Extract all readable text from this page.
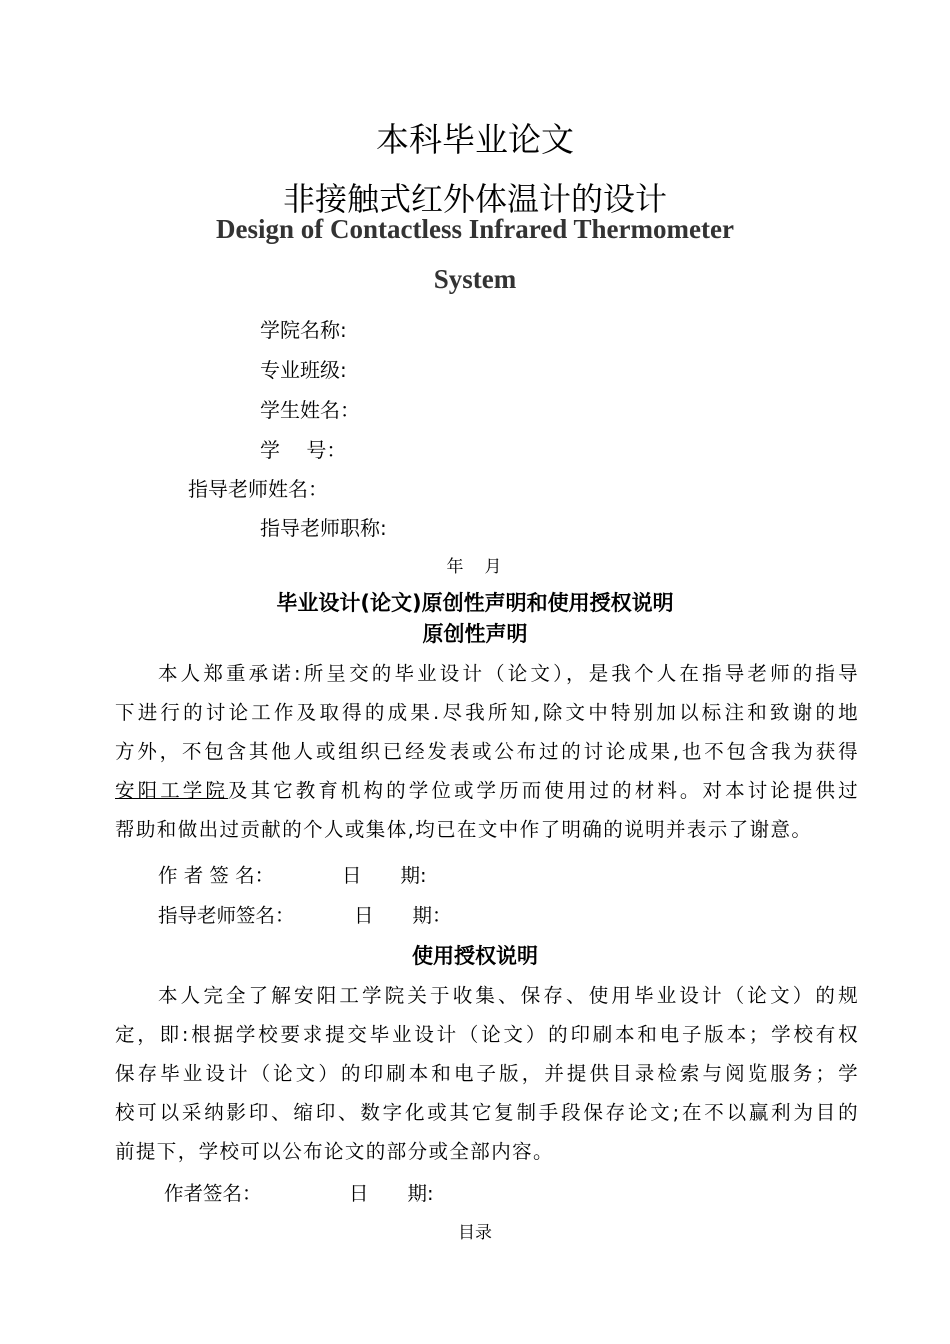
本科毕业论文
非接触式红外体温计的设计
Design of Contactless Infrared Thermometer
System
学院名称:
专业班级:
学生姓名：
学　 号：
指导老师姓名：
指导老师职称:
年　月
毕业设计(论文)原创性声明和使用授权说明
原创性声明
本人郑重承诺:所呈交的毕业设计（论文），是我个人在指导老师的指导
下进行的讨论工作及取得的成果.尽我所知,除文中特别加以标注和致谢的地
方外，不包含其他人或组织已经发表或公布过的讨论成果,也不包含我为获得
安阳工学院及其它教育机构的学位或学历而使用过的材料。对本讨论提供过
帮助和做出过贡献的个人或集体,均已在文中作了明确的说明并表示了谢意。
作 者 签 名：	日　　期:
指导老师签名：	日　　期：
使用授权说明
本人完全了解安阳工学院关于收集、保存、使用毕业设计（论文）的规
定，即:根据学校要求提交毕业设计（论文）的印刷本和电子版本；学校有权
保存毕业设计（论文）的印刷本和电子版，并提供目录检索与阅览服务；学
校可以采纳影印、缩印、数字化或其它复制手段保存论文;在不以赢利为目的
前提下，学校可以公布论文的部分或全部内容。
作者签名：	日　　期:
目录
